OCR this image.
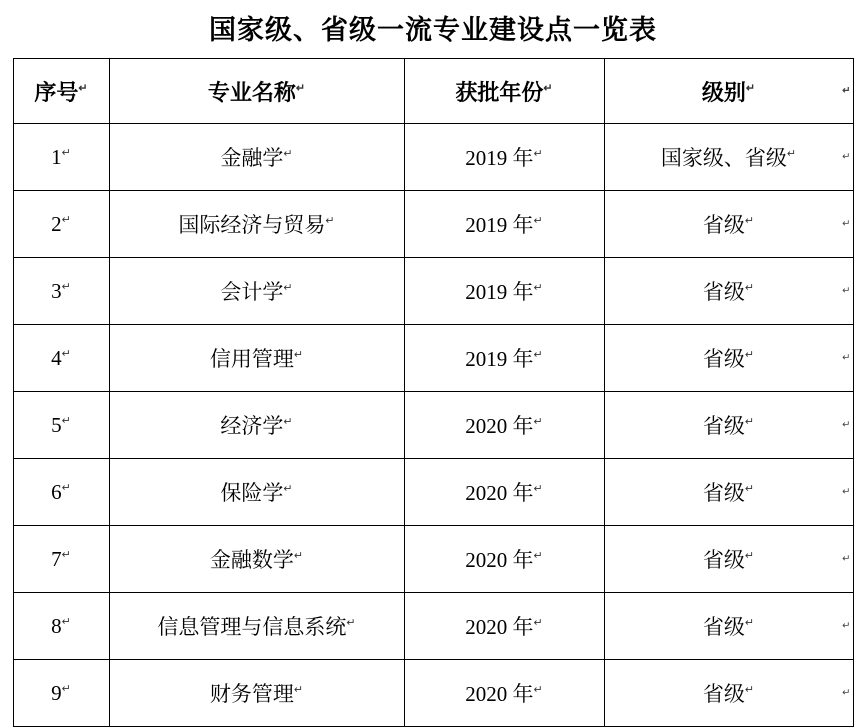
国家级、省级一流专业建设点一览表
序号↵	专业名称↵	获批年份↵	级别↵ ↵

1↵	金融学↵	2019 年↵	国家级、省级↵ ↵

2↵	国际经济与贸易↵	2019 年↵	省级↵ ↵

3↵	会计学↵	2019 年↵	省级↵ ↵

4↵	信用管理↵	2019 年↵	省级↵ ↵

5↵	经济学↵	2020 年↵	省级↵ ↵

6↵	保险学↵	2020 年↵	省级↵ ↵

7↵	金融数学↵	2020 年↵	省级↵ ↵

8↵	信息管理与信息系统↵	2020 年↵	省级↵ ↵

9↵	财务管理↵	2020 年↵	省级↵ ↵
